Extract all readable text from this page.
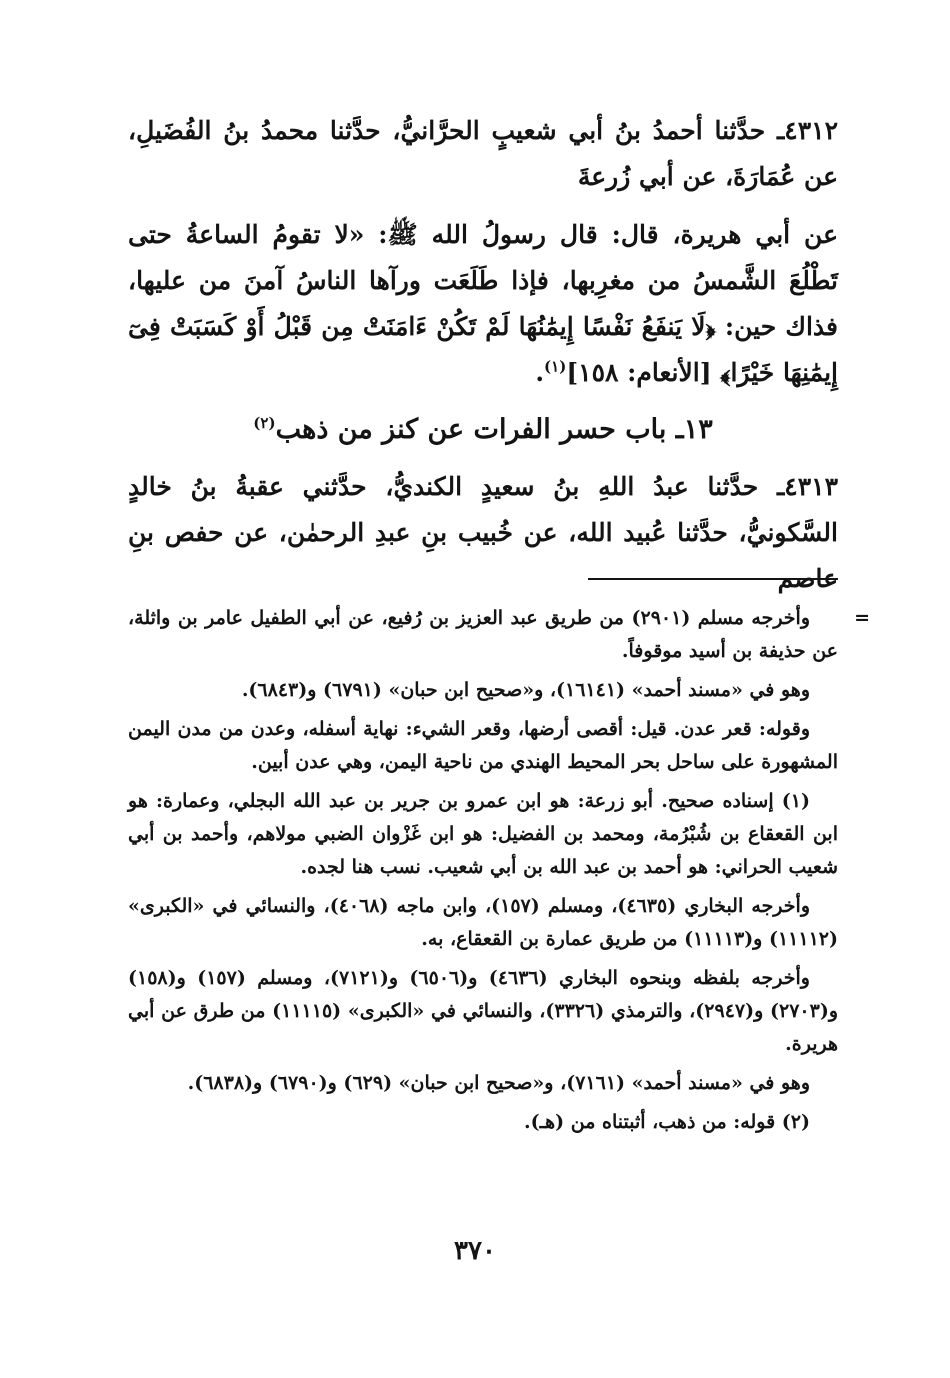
٤٣١٢ـ حدَّثنا أحمدُ بنُ أبي شعيبٍ الحرَّانيُّ، حدَّثنا محمدُ بنُ الفُضَيلِ، عن عُمَارَةَ، عن أبي زُرعةَ

عن أبي هريرة، قال: قال رسولُ الله ﷺ: «لا تقومُ الساعةُ حتى تَطْلُعَ الشَّمسُ من مغرِبها، فإذا طَلَعَت ورآها الناسُ آمنَ من عليها، فذاك حين: ﴿لَا يَنفَعُ نَفْسًا إِيمَٰنُهَا لَمْ تَكُنْ ءَامَنَتْ مِن قَبْلُ أَوْ كَسَبَتْ فِىٓ إِيمَٰنِهَا خَيْرًا﴾ [الأنعام: ١٥٨]$^{(١)}$.

١٣ـ باب حسر الفرات عن كنز من ذهب$^{(٢)}$

٤٣١٣ـ حدَّثنا عبدُ اللهِ بنُ سعيدٍ الكنديُّ، حدَّثني عقبةُ بنُ خالدٍ السَّكونيُّ، حدَّثنا عُبيد الله، عن خُبيب بنِ عبدِ الرحمٰن، عن حفص بنِ عاصم

=

وأخرجه مسلم (٢٩٠١) من طريق عبد العزيز بن رُفيع، عن أبي الطفيل عامر بن واثلة، عن حذيفة بن أسيد موقوفاً.

وهو في «مسند أحمد» (١٦١٤١)، و«صحيح ابن حبان» (٦٧٩١) و(٦٨٤٣).

وقوله: قعر عدن. قيل: أقصى أرضها، وقعر الشيء: نهاية أسفله، وعدن من مدن اليمن المشهورة على ساحل بحر المحيط الهندي من ناحية اليمن، وهي عدن أبين.

(١) إسناده صحيح. أبو زرعة: هو ابن عمرو بن جرير بن عبد الله البجلي، وعمارة: هو ابن القعقاع بن شُبْرُمة، ومحمد بن الفضيل: هو ابن غَزْوان الضبي مولاهم، وأحمد بن أبي شعيب الحراني: هو أحمد بن عبد الله بن أبي شعيب. نسب هنا لجده.

وأخرجه البخاري (٤٦٣٥)، ومسلم (١٥٧)، وابن ماجه (٤٠٦٨)، والنسائي في «الكبرى» (١١١١٢) و(١١١١٣) من طريق عمارة بن القعقاع، به.

وأخرجه بلفظه وبنحوه البخاري (٤٦٣٦) و(٦٥٠٦) و(٧١٢١)، ومسلم (١٥٧) و(١٥٨) و(٢٧٠٣) و(٢٩٤٧)، والترمذي (٣٣٢٦)، والنسائي في «الكبرى» (١١١١٥) من طرق عن أبي هريرة.

وهو في «مسند أحمد» (٧١٦١)، و«صحيح ابن حبان» (٦٢٩) و(٦٧٩٠) و(٦٨٣٨).

(٢) قوله: من ذهب، أثبتناه من (هـ).

٣٧٠
